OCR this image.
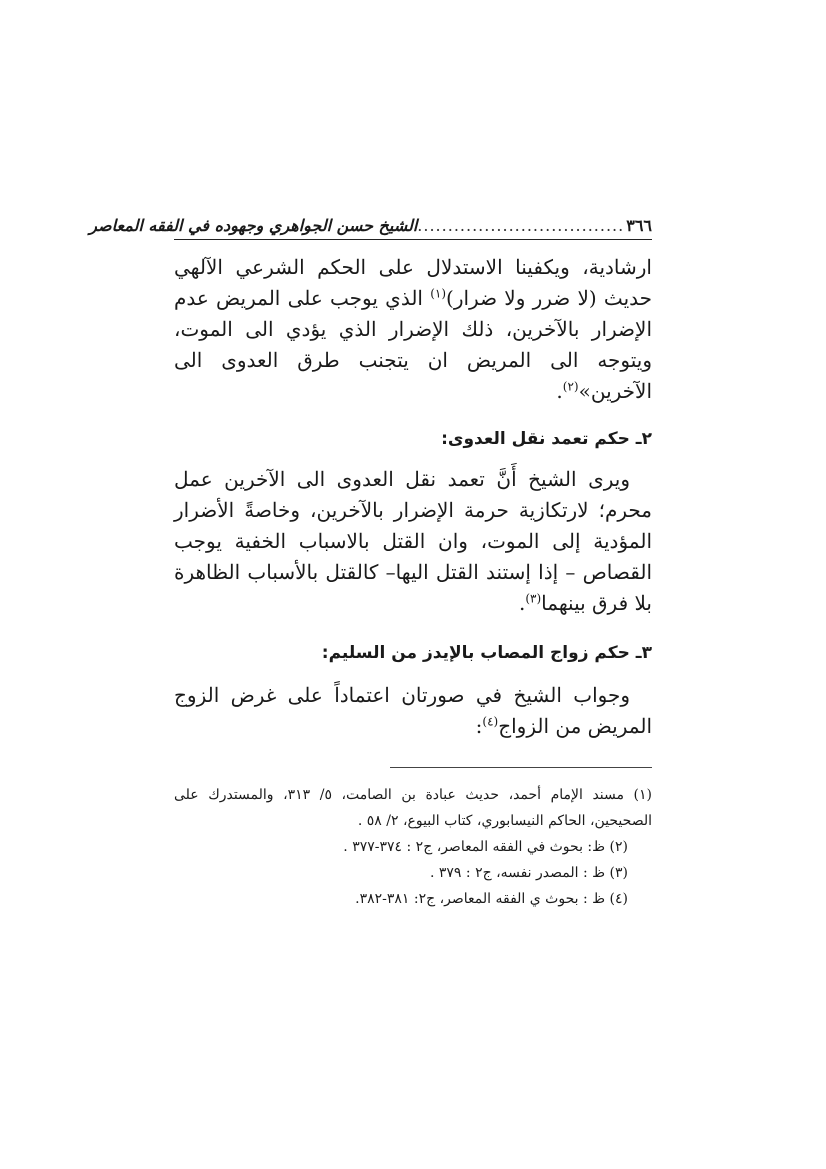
٣٦٦
..................................
الشيخ حسن الجواهري وجهوده في الفقه المعاصر

ارشادية، ويكفينا الاستدلال على الحكم الشرعي الآلهي حديث (لا ضرر ولا ضرار)$^{(١)}$ الذي يوجب على المريض عدم الإضرار بالآخرين، ذلك الإضرار الذي يؤدي الى الموت، ويتوجه الى المريض ان يتجنب طرق العدوى الى الآخرين»$^{(٢)}$.

٢ـ حكم تعمد نقل العدوى:

ويرى الشيخ أَنَّ تعمد نقل العدوى الى الآخرين عمل محرم؛ لارتكازية حرمة الإضرار بالآخرين، وخاصةً الأضرار المؤدية إلى الموت، وان القتل بالاسباب الخفية يوجب القصاص – إذا إستند القتل اليها– كالقتل بالأسباب الظاهرة بلا فرق بينهما$^{(٣)}$.

٣ـ حكم زواج المصاب بالإيدز من السليم:

وجواب الشيخ في صورتان اعتماداً على غرض الزوج المريض من الزواج$^{(٤)}$:

(١) مسند الإمام أحمد، حديث عبادة بن الصامت، ٥/ ٣١٣، والمستدرك على الصحيحين، الحاكم النيسابوري، كتاب البيوع، ٢/ ٥٨ .
(٢) ظ: بحوث في الفقه المعاصر، ج٢ : ٣٧٤-٣٧٧ .
(٣) ظ : المصدر نفسه، ج٢ : ٣٧٩ .
(٤) ظ : بحوث ي الفقه المعاصر، ج٢: ٣٨١-٣٨٢.
